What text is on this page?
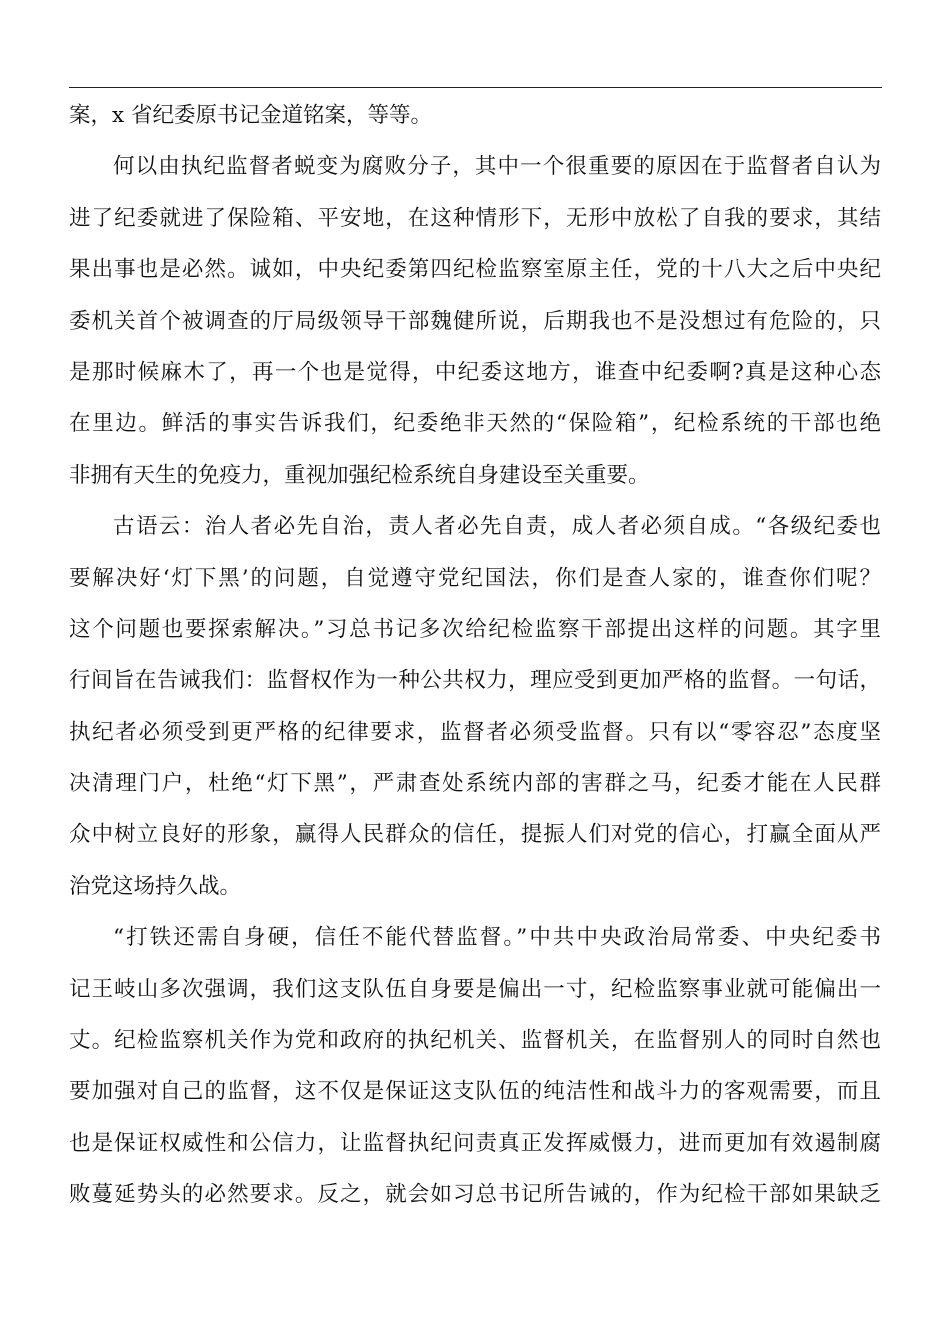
案，x 省纪委原书记金道铭案，等等。
何以由执纪监督者蜕变为腐败分子，其中一个很重要的原因在于监督者自认为
进了纪委就进了保险箱、平安地，在这种情形下，无形中放松了自我的要求，其结
果出事也是必然。诚如，中央纪委第四纪检监察室原主任，党的十八大之后中央纪
委机关首个被调查的厅局级领导干部魏健所说，后期我也不是没想过有危险的，只
是那时候麻木了，再一个也是觉得，中纪委这地方，谁查中纪委啊?真是这种心态
在里边。鲜活的事实告诉我们，纪委绝非天然的“保险箱”，纪检系统的干部也绝
非拥有天生的免疫力，重视加强纪检系统自身建设至关重要。
古语云：治人者必先自治，责人者必先自责，成人者必须自成。“各级纪委也
要解决好‘灯下黑’的问题，自觉遵守党纪国法，你们是查人家的，谁查你们呢？
这个问题也要探索解决。”习总书记多次给纪检监察干部提出这样的问题。其字里
行间旨在告诫我们：监督权作为一种公共权力，理应受到更加严格的监督。一句话，
执纪者必须受到更严格的纪律要求，监督者必须受监督。只有以“零容忍”态度坚
决清理门户，杜绝“灯下黑”，严肃查处系统内部的害群之马，纪委才能在人民群
众中树立良好的形象，赢得人民群众的信任，提振人们对党的信心，打赢全面从严
治党这场持久战。
“打铁还需自身硬，信任不能代替监督。”中共中央政治局常委、中央纪委书
记王岐山多次强调，我们这支队伍自身要是偏出一寸，纪检监察事业就可能偏出一
丈。纪检监察机关作为党和政府的执纪机关、监督机关，在监督别人的同时自然也
要加强对自己的监督，这不仅是保证这支队伍的纯洁性和战斗力的客观需要，而且
也是保证权威性和公信力，让监督执纪问责真正发挥威慑力，进而更加有效遏制腐
败蔓延势头的必然要求。反之，就会如习总书记所告诫的，作为纪检干部如果缺乏
